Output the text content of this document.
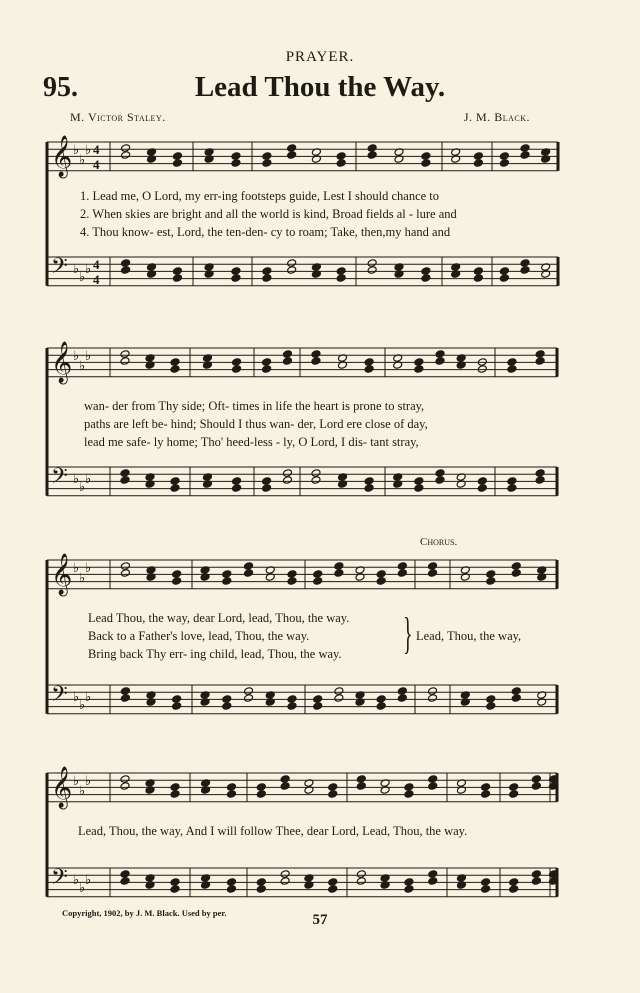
PRAYER.
95.	Lead Thou the Way.
M. Victor Staley.	J. M. Black.
𝄞 ♭
♭
♭
𝄢 ♭
♭
♭
4
4
4
4
𝄞 ♭
♭
♭
𝄢 ♭
♭
♭
𝄞 ♭
♭
♭
𝄢 ♭
♭
♭
𝄞 ♭
♭
♭
𝄢 ♭
♭
♭
1. Lead me, O Lord, my err-ing footsteps guide, Lest I should chance to
2. When skies are bright and all the world is kind, Broad fields al - lure and
4. Thou know- est, Lord, the ten-den- cy to roam; Take, then,my hand and
wan- der from Thy side; Oft- times in life the heart is prone to stray,
paths are left be- hind; Should I thus wan- der, Lord ere close of day,
lead me safe- ly home; Tho' heed-less - ly, O Lord, I dis- tant stray,
Chorus.
Lead Thou, the way, dear Lord, lead, Thou, the way.
Back to a Father's love, lead, Thou, the way.
Bring back Thy err- ing child, lead, Thou, the way. } Lead, Thou, the way,
Lead, Thou, the way, And I will follow Thee, dear Lord, Lead, Thou, the way.
Copyright, 1902, by J. M. Black. Used by per.	57
